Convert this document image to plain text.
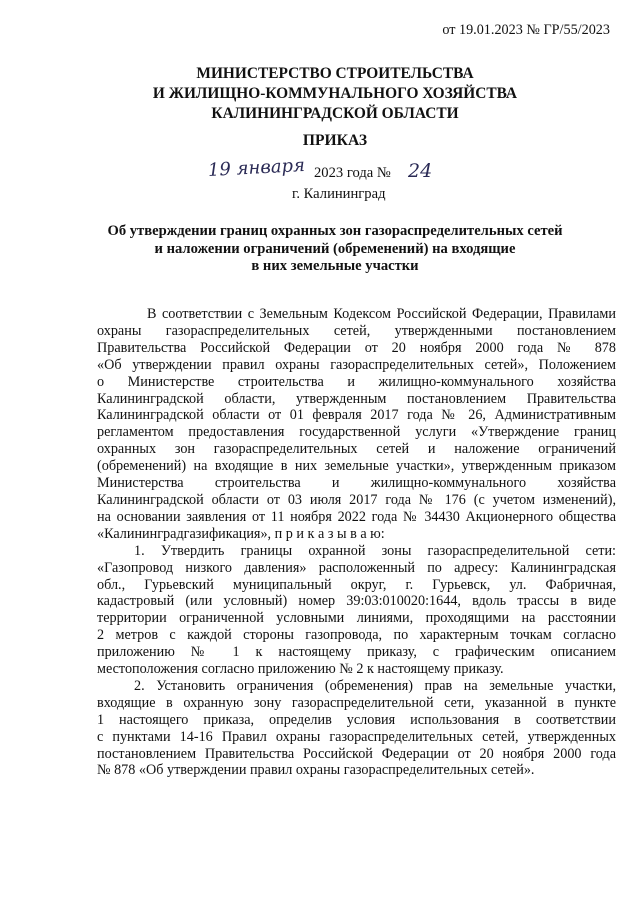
от 19.01.2023 № ГР/55/2023
МИНИСТЕРСТВО СТРОИТЕЛЬСТВА
И ЖИЛИЩНО-КОММУНАЛЬНОГО ХОЗЯЙСТВА
КАЛИНИНГРАДСКОЙ ОБЛАСТИ
ПРИКАЗ
19 января 2023 года № 24
г. Калининград
Об утверждении границ охранных зон газораспределительных сетей
и наложении ограничений (обременений) на входящие
в них земельные участки
В соответствии с Земельным Кодексом Российской Федерации, Правилами
охраны газораспределительных сетей, утвержденными постановлением
Правительства Российской Федерации от 20 ноября 2000 года № 878
«Об утверждении правил охраны газораспределительных сетей», Положением
о Министерстве строительства и жилищно-коммунального хозяйства
Калининградской области, утвержденным постановлением Правительства
Калининградской области от 01 февраля 2017 года № 26, Административным
регламентом предоставления государственной услуги «Утверждение границ
охранных зон газораспределительных сетей и наложение ограничений
(обременений) на входящие в них земельные участки», утвержденным приказом
Министерства строительства и жилищно-коммунального хозяйства
Калининградской области от 03 июля 2017 года № 176 (с учетом изменений),
на основании заявления от 11 ноября 2022 года № 34430 Акционерного общества
«Калининградгазификация», п р и к а з ы в а ю:
1. Утвердить границы охранной зоны газораспределительной сети:
«Газопровод низкого давления» расположенный по адресу: Калининградская
обл., Гурьевский муниципальный округ, г. Гурьевск, ул. Фабричная,
кадастровый (или условный) номер 39:03:010020:1644, вдоль трассы в виде
территории ограниченной условными линиями, проходящими на расстоянии
2 метров с каждой стороны газопровода, по характерным точкам согласно
приложению № 1 к настоящему приказу, с графическим описанием
местоположения согласно приложению № 2 к настоящему приказу.
2. Установить ограничения (обременения) прав на земельные участки,
входящие в охранную зону газораспределительной сети, указанной в пункте
1 настоящего приказа, определив условия использования в соответствии
с пунктами 14-16 Правил охраны газораспределительных сетей, утвержденных
постановлением Правительства Российской Федерации от 20 ноября 2000 года
№ 878 «Об утверждении правил охраны газораспределительных сетей».
